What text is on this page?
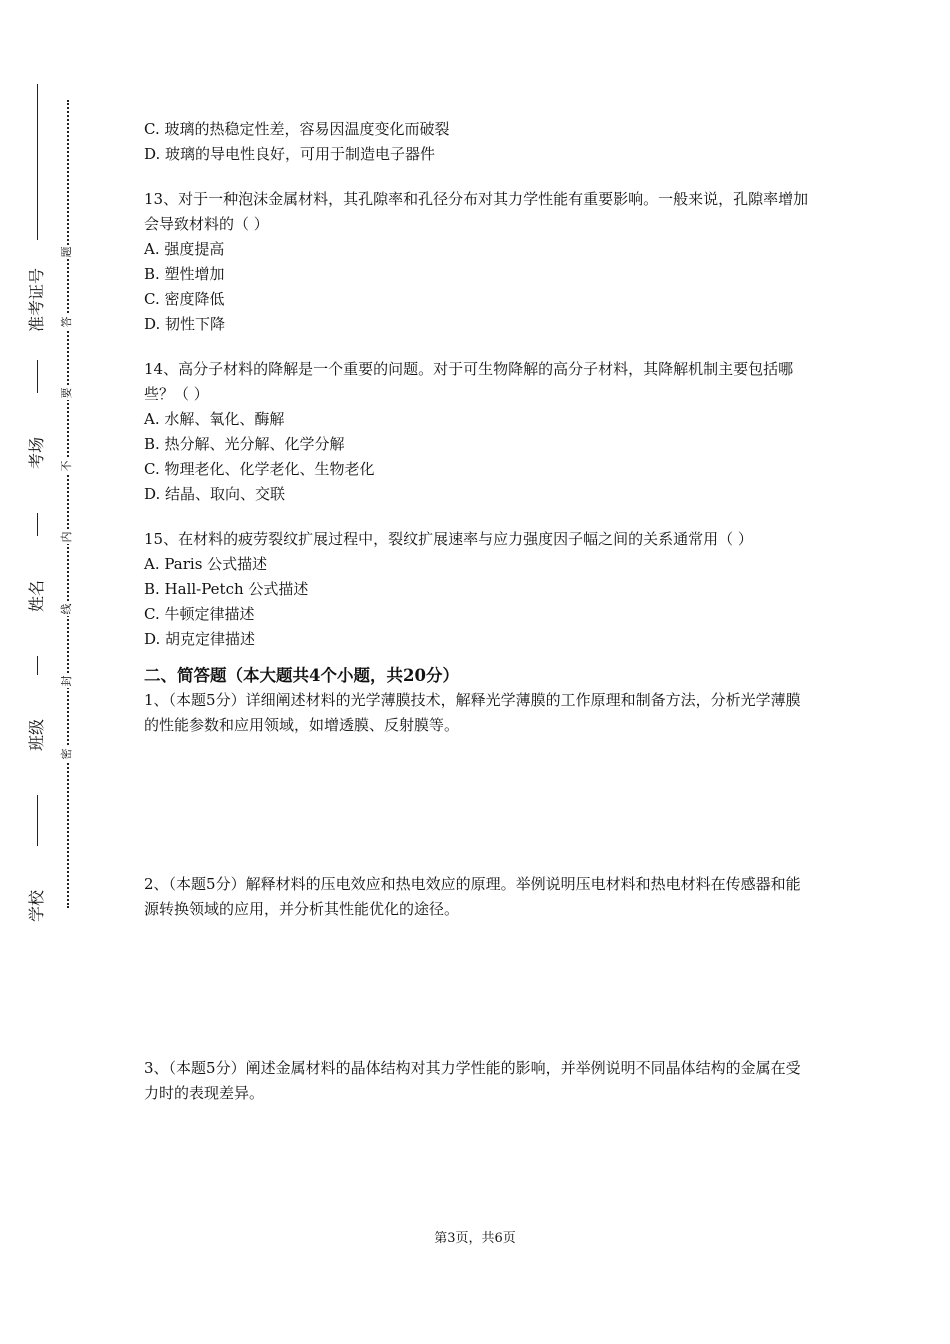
准考证号
考场
姓名
班级
学校
题
答
要
不
内
线
封
密
C. 玻璃的热稳定性差，容易因温度变化而破裂
D. 玻璃的导电性良好，可用于制造电子器件
13、对于一种泡沫金属材料，其孔隙率和孔径分布对其力学性能有重要影响。一般来说，孔隙率增加会导致材料的（ ）
A. 强度提高
B. 塑性增加
C. 密度降低
D. 韧性下降
14、高分子材料的降解是一个重要的问题。对于可生物降解的高分子材料，其降解机制主要包括哪些？（ ）
A. 水解、氧化、酶解
B. 热分解、光分解、化学分解
C. 物理老化、化学老化、生物老化
D. 结晶、取向、交联
15、在材料的疲劳裂纹扩展过程中，裂纹扩展速率与应力强度因子幅之间的关系通常用（ ）
A. Paris 公式描述
B. Hall-Petch 公式描述
C. 牛顿定律描述
D. 胡克定律描述
二、简答题（本大题共4个小题，共20分）
1、（本题5分）详细阐述材料的光学薄膜技术，解释光学薄膜的工作原理和制备方法，分析光学薄膜的性能参数和应用领域，如增透膜、反射膜等。
2、（本题5分）解释材料的压电效应和热电效应的原理。举例说明压电材料和热电材料在传感器和能源转换领域的应用，并分析其性能优化的途径。
3、（本题5分）阐述金属材料的晶体结构对其力学性能的影响，并举例说明不同晶体结构的金属在受力时的表现差异。
第3页，共6页
